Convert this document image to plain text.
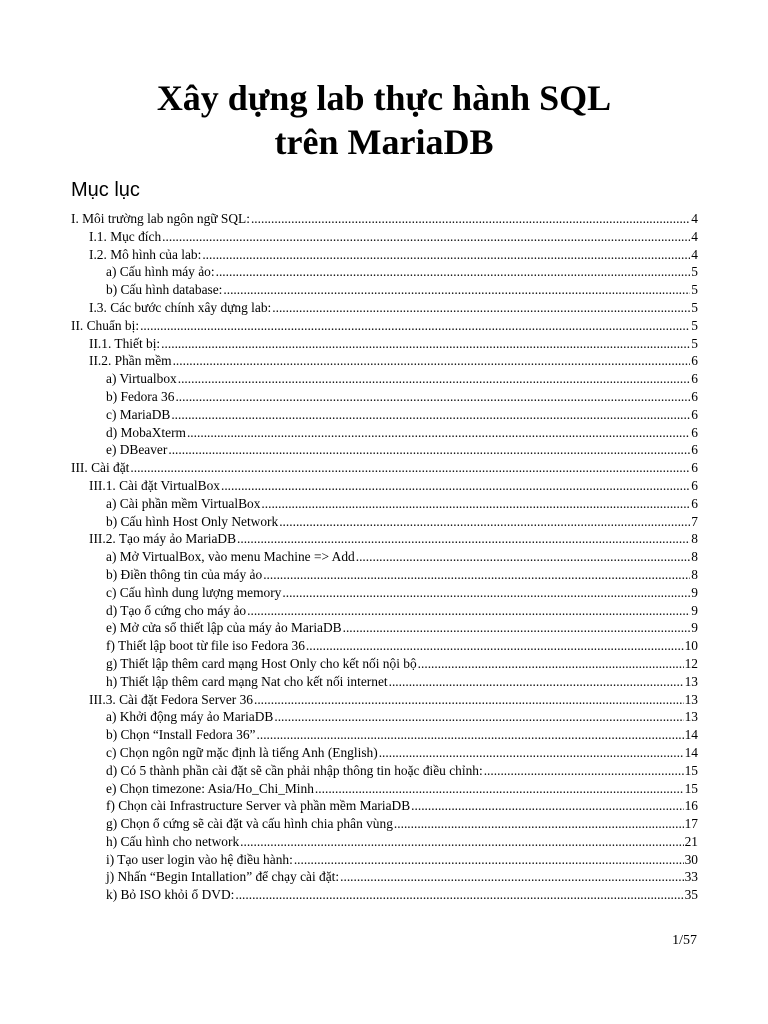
Xây dựng lab thực hành SQL
trên MariaDB
Mục lục
I. Môi trường lab ngôn ngữ SQL: .....	4
I.1. Mục đích .....	4
I.2. Mô hình của lab: .....	4
a) Cấu hình máy ảo: .....	5
b) Cấu hình database: .....	5
I.3. Các bước chính xây dựng lab: .....	5
II. Chuẩn bị: .....	5
II.1. Thiết bị: .....	5
II.2. Phần mềm .....	6
a) Virtualbox .....	6
b) Fedora 36 .....	6
c) MariaDB .....	6
d) MobaXterm .....	6
e) DBeaver .....	6
III. Cài đặt .....	6
III.1. Cài đặt VirtualBox .....	6
a) Cài phần mềm VirtualBox .....	6
b) Cấu hình Host Only Network .....	7
III.2. Tạo máy ảo MariaDB .....	8
a) Mở VirtualBox, vào menu Machine => Add .....	8
b) Điền thông tin của máy ảo .....	8
c) Cấu hình dung lượng memory .....	9
d) Tạo ổ cứng cho máy ảo .....	9
e) Mở cửa sổ thiết lập của máy ảo MariaDB .....	9
f) Thiết lập boot từ file iso Fedora 36 .....	10
g) Thiết lập thêm card mạng Host Only cho kết nối nội bộ .....	12
h) Thiết lập thêm card mạng Nat cho kết nối internet .....	13
III.3. Cài đặt Fedora Server 36 .....	13
a) Khởi động máy ảo MariaDB .....	13
b) Chọn “Install Fedora 36” .....	14
c) Chọn ngôn ngữ mặc định là tiếng Anh (English) .....	14
d) Có 5 thành phần cài đặt sẽ cần phải nhập thông tin hoặc điều chỉnh: .....	15
e) Chọn timezone: Asia/Ho_Chi_Minh .....	15
f) Chọn cài Infrastructure Server và phần mềm MariaDB .....	16
g) Chọn ổ cứng sẽ cài đặt và cấu hình chia phân vùng .....	17
h) Cấu hình cho network .....	21
i) Tạo user login vào hệ điều hành: .....	30
j) Nhấn “Begin Intallation” để chạy cài đặt: .....	33
k) Bỏ ISO khỏi ổ DVD: .....	35
1/57
